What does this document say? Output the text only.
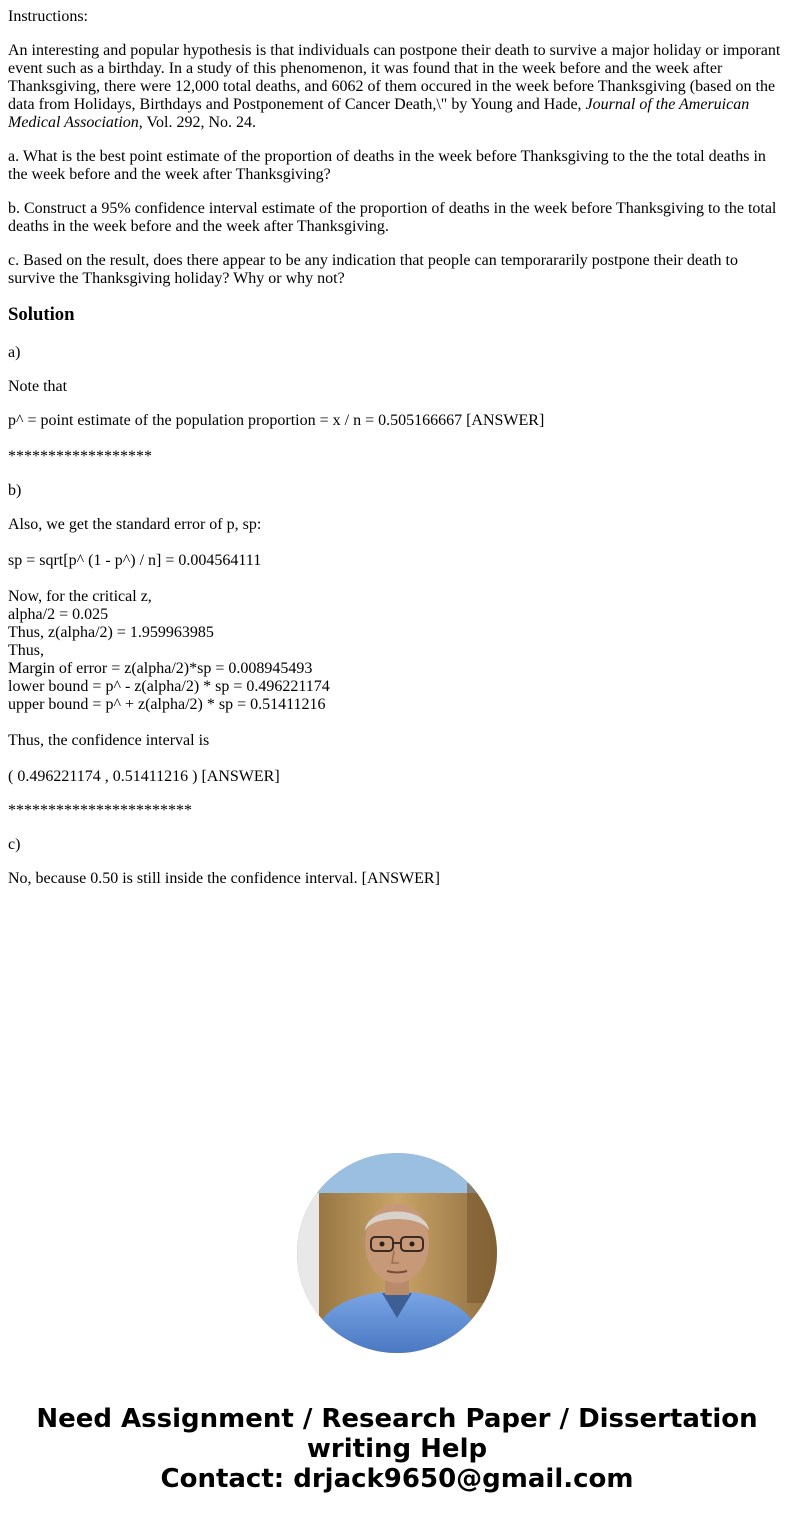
Instructions:

An interesting and popular hypothesis is that individuals can postpone their death to survive a major holiday or imporant event such as a birthday. In a study of this phenomenon, it was found that in the week before and the week after Thanksgiving, there were 12,000 total deaths, and 6062 of them occured in the week before Thanksgiving (based on the data from Holidays, Birthdays and Postponement of Cancer Death,\" by Young and Hade, Journal of the Ameruican Medical Association, Vol. 292, No. 24.

a. What is the best point estimate of the proportion of deaths in the week before Thanksgiving to the the total deaths in the week before and the week after Thanksgiving?

b. Construct a 95% confidence interval estimate of the proportion of deaths in the week before Thanksgiving to the total deaths in the week before and the week after Thanksgiving.

c. Based on the result, does there appear to be any indication that people can temporararily postpone their death to survive the Thanksgiving holiday? Why or why not?

Solution

a)

Note that

p^ = point estimate of the population proportion = x / n = 0.505166667 [ANSWER]

******************

b)

Also, we get the standard error of p, sp:

sp = sqrt[p^ (1 - p^) / n] = 0.004564111

Now, for the critical z,
alpha/2 = 0.025
Thus, z(alpha/2) = 1.959963985
Thus,
Margin of error = z(alpha/2)*sp = 0.008945493
lower bound = p^ - z(alpha/2) * sp = 0.496221174
upper bound = p^ + z(alpha/2) * sp = 0.51411216

Thus, the confidence interval is

( 0.496221174 , 0.51411216 ) [ANSWER]

***********************

c)

No, because 0.50 is still inside the confidence interval. [ANSWER]

Need Assignment / Research Paper / Dissertation
writing Help
Contact: drjack9650@gmail.com
